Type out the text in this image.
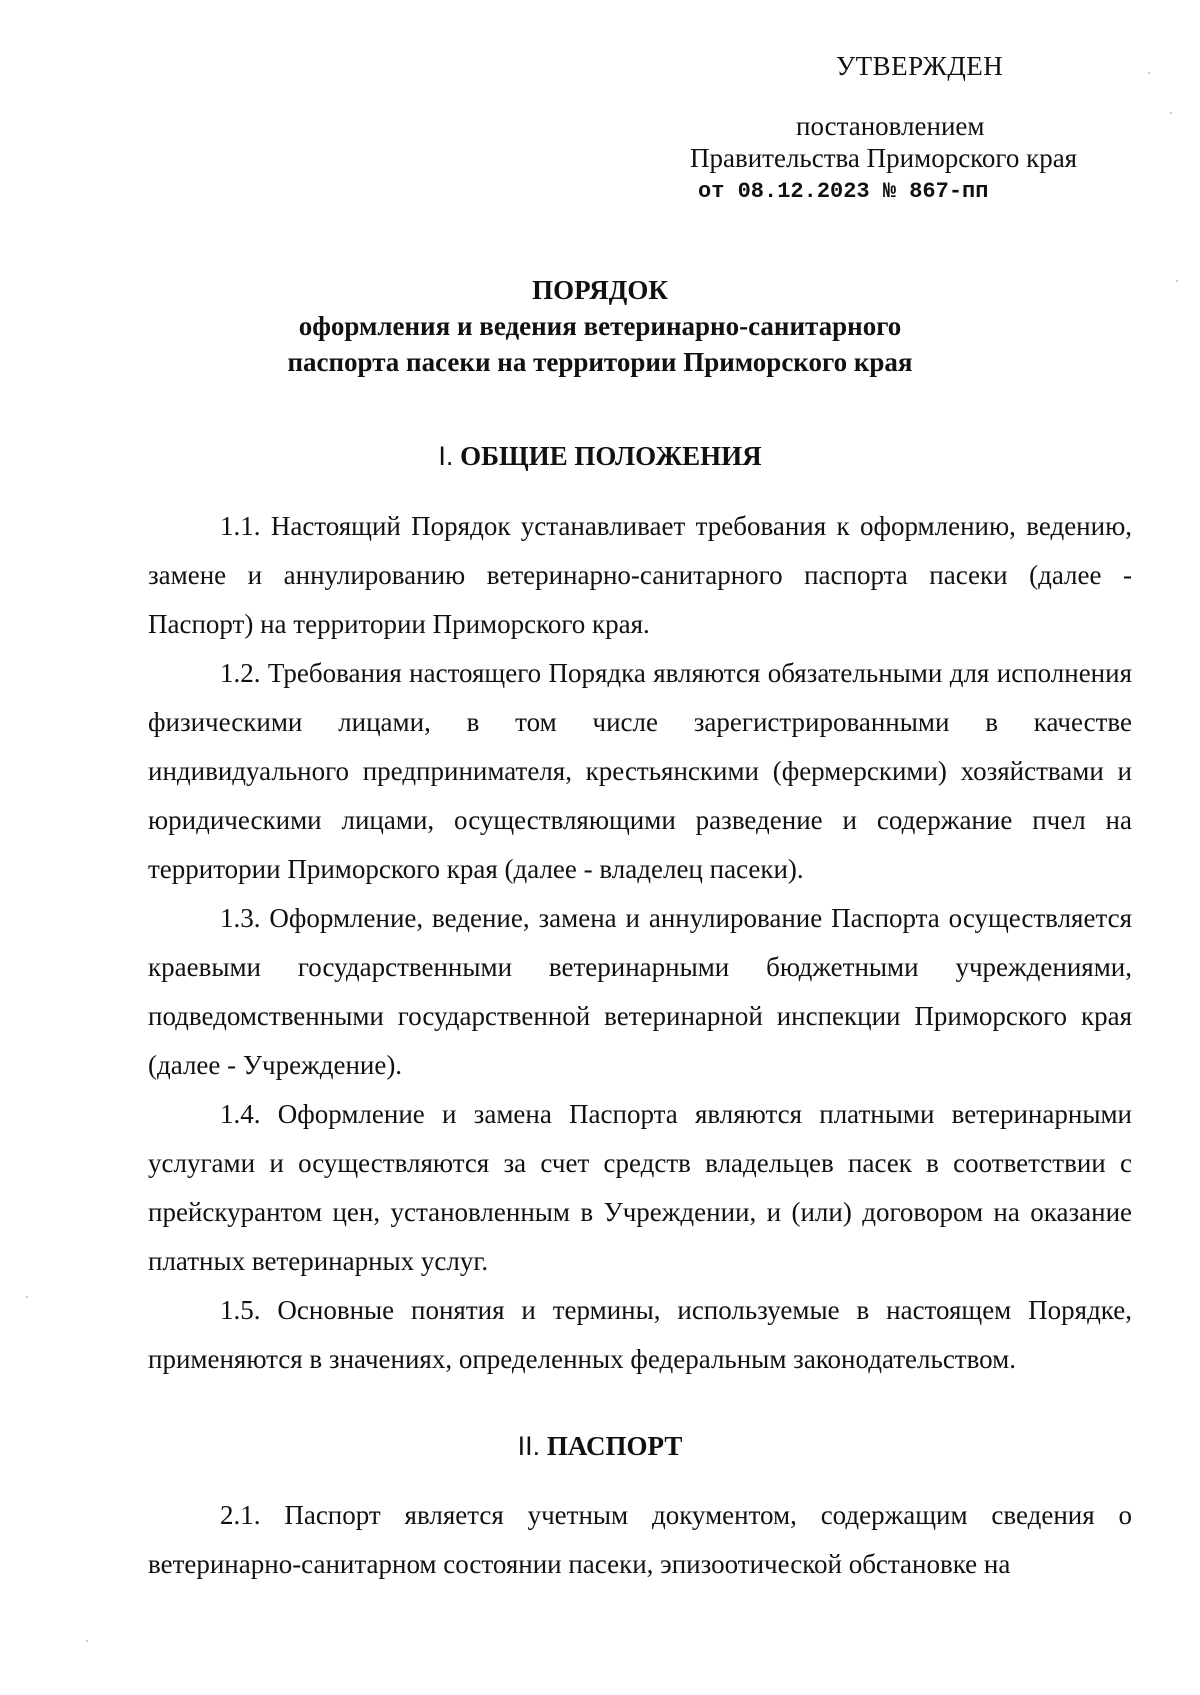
УТВЕРЖДЕН
постановлением
Правительства Приморского края
от 08.12.2023 № 867-пп
ПОРЯДОК
оформления и ведения ветеринарно-санитарного
паспорта пасеки на территории Приморского края
I. ОБЩИЕ ПОЛОЖЕНИЯ

1.1. Настоящий Порядок устанавливает требования к оформлению, ведению, замене и аннулированию ветеринарно-санитарного паспорта пасеки (далее - Паспорт) на территории Приморского края.

1.2. Требования настоящего Порядка являются обязательными для исполнения физическими лицами, в том числе зарегистрированными в качестве индивидуального предпринимателя, крестьянскими (фермерскими) хозяйствами и юридическими лицами, осуществляющими разведение и содержание пчел на территории Приморского края (далее - владелец пасеки).

1.3. Оформление, ведение, замена и аннулирование Паспорта осуществляется краевыми государственными ветеринарными бюджетными учреждениями, подведомственными государственной ветеринарной инспекции Приморского края (далее - Учреждение).

1.4. Оформление и замена Паспорта являются платными ветеринарными услугами и осуществляются за счет средств владельцев пасек в соответствии с прейскурантом цен, установленным в Учреждении, и (или) договором на оказание платных ветеринарных услуг.

1.5. Основные понятия и термины, используемые в настоящем Порядке, применяются в значениях, определенных федеральным законодательством.

II. ПАСПОРТ

2.1. Паспорт является учетным документом, содержащим сведения о ветеринарно-санитарном состоянии пасеки, эпизоотической обстановке на
